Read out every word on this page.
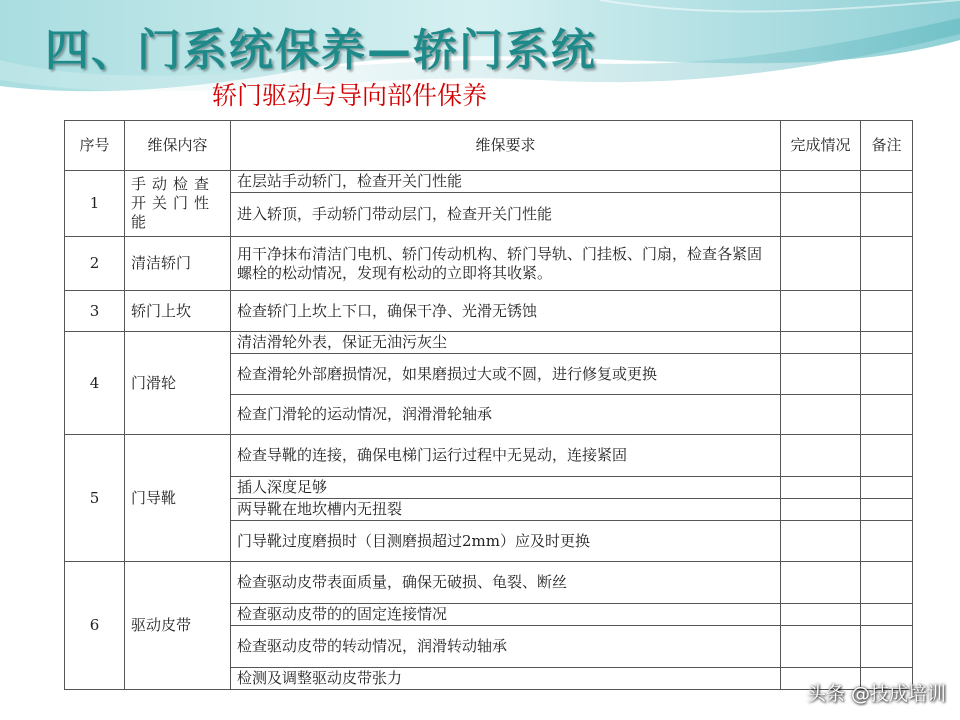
四、门系统保养—轿门系统
轿门驱动与导向部件保养
序号	维保内容	维保要求	完成情况	备注
1	手动检查开关门性能	在层站手动轿门，检查开关门性能		
		进入轿顶，手动轿门带动层门，检查开关门性能		
2	清洁轿门	用干净抹布清洁门电机、轿门传动机构、轿门导轨、门挂板、门扇，检查各紧固螺栓的松动情况，发现有松动的立即将其收紧。		
3	轿门上坎	检查轿门上坎上下口，确保干净、光滑无锈蚀		
4	门滑轮	清洁滑轮外表，保证无油污灰尘		
		检查滑轮外部磨损情况，如果磨损过大或不圆，进行修复或更换		
		检查门滑轮的运动情况，润滑滑轮轴承		
5	门导靴	检查导靴的连接，确保电梯门运行过程中无晃动，连接紧固		
		插人深度足够		
		两导靴在地坎槽内无扭裂		
		门导靴过度磨损时（目测磨损超过2mm）应及时更换		
6	驱动皮带	检查驱动皮带表面质量，确保无破损、龟裂、断丝		
		检查驱动皮带的的固定连接情况		
		检查驱动皮带的转动情况，润滑转动轴承		
		检测及调整驱动皮带张力		
头条 @技成培训
